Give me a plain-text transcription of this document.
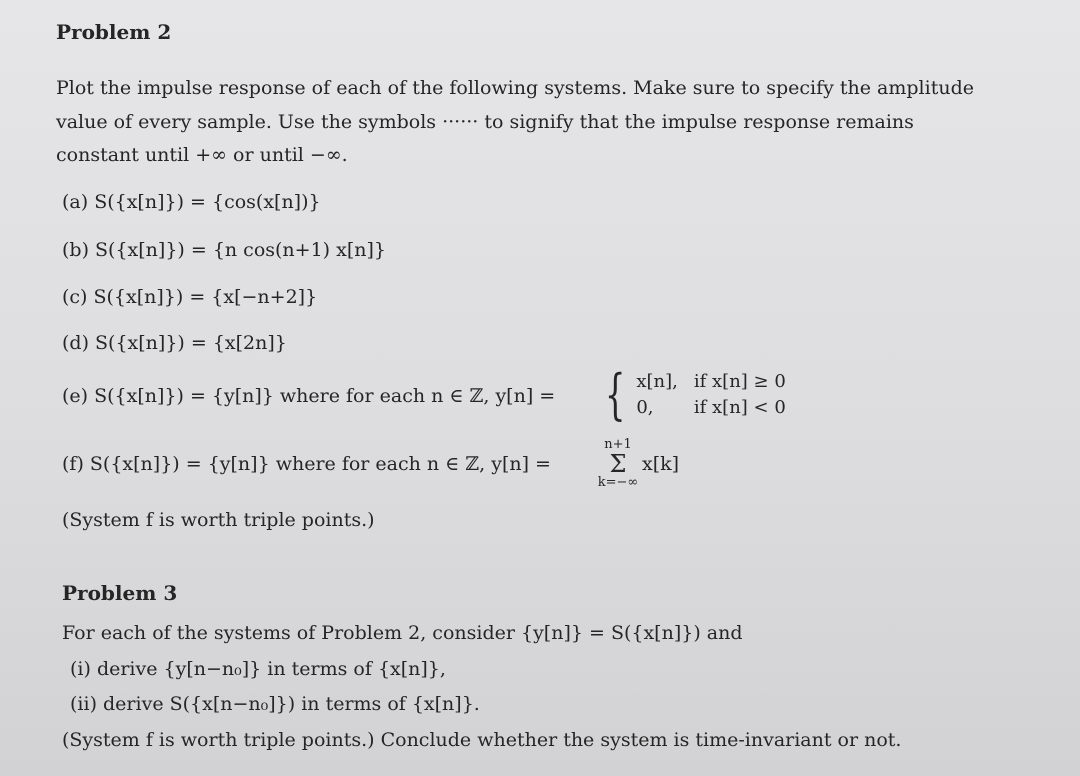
Problem 2
Plot the impulse response of each of the following systems. Make sure to specify the amplitude
value of every sample. Use the symbols ······ to signify that the impulse response remains
constant until +∞ or until −∞.
(a) S({x[n]}) = {cos(x[n])}
(b) S({x[n]}) = {n cos(n+1) x[n]}
(c) S({x[n]}) = {x[−n+2]}
(d) S({x[n]}) = {x[2n]}
(e) S({x[n]}) = {y[n]} where for each n ∈ ℤ, y[n] = { x[n], if x[n] ≥ 0
0,	if x[n] < 0
(f) S({x[n]}) = {y[n]} where for each n ∈ ℤ, y[n] =
n+1
Σ
k=−∞
x[k]
(System f is worth triple points.)
Problem 3
For each of the systems of Problem 2, consider {y[n]} = S({x[n]}) and
(i) derive {y[n−n₀]} in terms of {x[n]},
(ii) derive S({x[n−n₀]}) in terms of {x[n]}.
(System f is worth triple points.) Conclude whether the system is time-invariant or not.
